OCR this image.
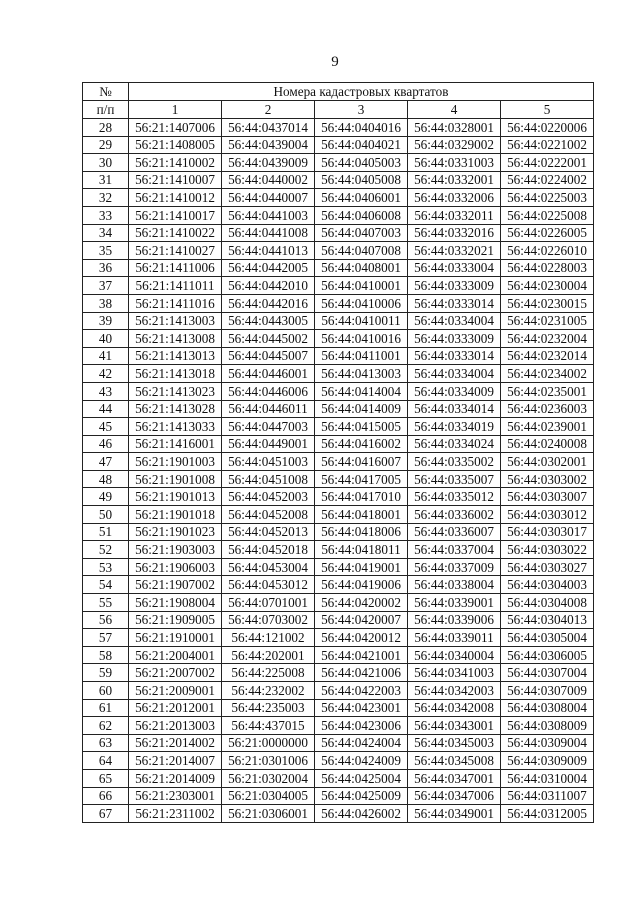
9
№	Номера кадастровых квартатов				
п/п	1	2	3	4	5
28	56:21:1407006	56:44:0437014	56:44:0404016	56:44:0328001	56:44:0220006
29	56:21:1408005	56:44:0439004	56:44:0404021	56:44:0329002	56:44:0221002
30	56:21:1410002	56:44:0439009	56:44:0405003	56:44:0331003	56:44:0222001
31	56:21:1410007	56:44:0440002	56:44:0405008	56:44:0332001	56:44:0224002
32	56:21:1410012	56:44:0440007	56:44:0406001	56:44:0332006	56:44:0225003
33	56:21:1410017	56:44:0441003	56:44:0406008	56:44:0332011	56:44:0225008
34	56:21:1410022	56:44:0441008	56:44:0407003	56:44:0332016	56:44:0226005
35	56:21:1410027	56:44:0441013	56:44:0407008	56:44:0332021	56:44:0226010
36	56:21:1411006	56:44:0442005	56:44:0408001	56:44:0333004	56:44:0228003
37	56:21:1411011	56:44:0442010	56:44:0410001	56:44:0333009	56:44:0230004
38	56:21:1411016	56:44:0442016	56:44:0410006	56:44:0333014	56:44:0230015
39	56:21:1413003	56:44:0443005	56:44:0410011	56:44:0334004	56:44:0231005
40	56:21:1413008	56:44:0445002	56:44:0410016	56:44:0333009	56:44:0232004
41	56:21:1413013	56:44:0445007	56:44:0411001	56:44:0333014	56:44:0232014
42	56:21:1413018	56:44:0446001	56:44:0413003	56:44:0334004	56:44:0234002
43	56:21:1413023	56:44:0446006	56:44:0414004	56:44:0334009	56:44:0235001
44	56:21:1413028	56:44:0446011	56:44:0414009	56:44:0334014	56:44:0236003
45	56:21:1413033	56:44:0447003	56:44:0415005	56:44:0334019	56:44:0239001
46	56:21:1416001	56:44:0449001	56:44:0416002	56:44:0334024	56:44:0240008
47	56:21:1901003	56:44:0451003	56:44:0416007	56:44:0335002	56:44:0302001
48	56:21:1901008	56:44:0451008	56:44:0417005	56:44:0335007	56:44:0303002
49	56:21:1901013	56:44:0452003	56:44:0417010	56:44:0335012	56:44:0303007
50	56:21:1901018	56:44:0452008	56:44:0418001	56:44:0336002	56:44:0303012
51	56:21:1901023	56:44:0452013	56:44:0418006	56:44:0336007	56:44:0303017
52	56:21:1903003	56:44:0452018	56:44:0418011	56:44:0337004	56:44:0303022
53	56:21:1906003	56:44:0453004	56:44:0419001	56:44:0337009	56:44:0303027
54	56:21:1907002	56:44:0453012	56:44:0419006	56:44:0338004	56:44:0304003
55	56:21:1908004	56:44:0701001	56:44:0420002	56:44:0339001	56:44:0304008
56	56:21:1909005	56:44:0703002	56:44:0420007	56:44:0339006	56:44:0304013
57	56:21:1910001	56:44:121002	56:44:0420012	56:44:0339011	56:44:0305004
58	56:21:2004001	56:44:202001	56:44:0421001	56:44:0340004	56:44:0306005
59	56:21:2007002	56:44:225008	56:44:0421006	56:44:0341003	56:44:0307004
60	56:21:2009001	56:44:232002	56:44:0422003	56:44:0342003	56:44:0307009
61	56:21:2012001	56:44:235003	56:44:0423001	56:44:0342008	56:44:0308004
62	56:21:2013003	56:44:437015	56:44:0423006	56:44:0343001	56:44:0308009
63	56:21:2014002	56:21:0000000	56:44:0424004	56:44:0345003	56:44:0309004
64	56:21:2014007	56:21:0301006	56:44:0424009	56:44:0345008	56:44:0309009
65	56:21:2014009	56:21:0302004	56:44:0425004	56:44:0347001	56:44:0310004
66	56:21:2303001	56:21:0304005	56:44:0425009	56:44:0347006	56:44:0311007
67	56:21:2311002	56:21:0306001	56:44:0426002	56:44:0349001	56:44:0312005
